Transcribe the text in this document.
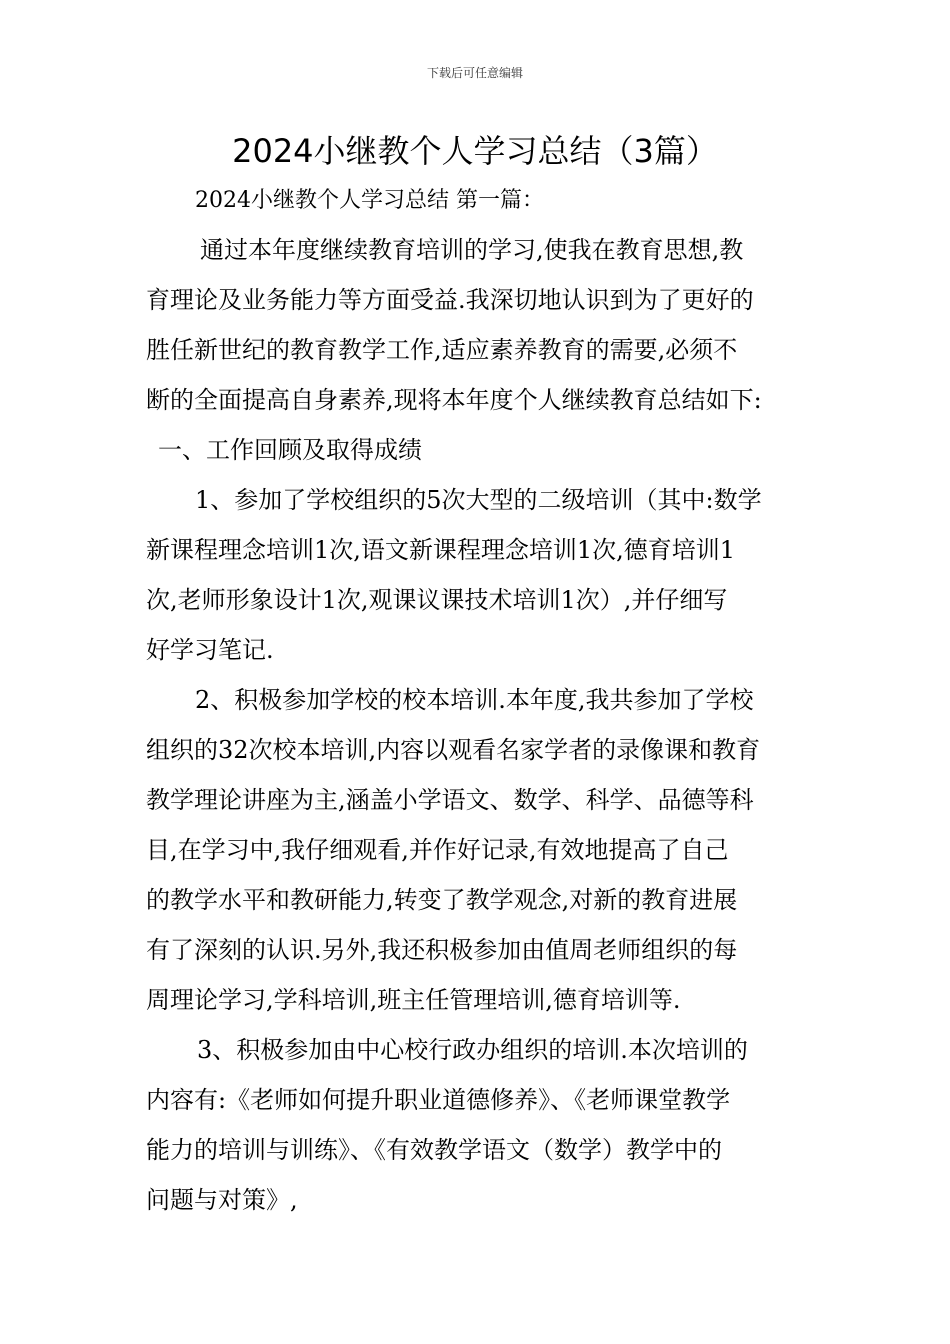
下载后可任意编辑
2024小继教个人学习总结（3篇）
2024小继教个人学习总结 第一篇：
通过本年度继续教育培训的学习,使我在教育思想,教
育理论及业务能力等方面受益.我深切地认识到为了更好的
胜任新世纪的教育教学工作,适应素养教育的需要,必须不
断的全面提高自身素养,现将本年度个人继续教育总结如下:
一、工作回顾及取得成绩
1、参加了学校组织的5次大型的二级培训（其中:数学
新课程理念培训1次,语文新课程理念培训1次,德育培训1
次,老师形象设计1次,观课议课技术培训1次）,并仔细写
好学习笔记.
2、积极参加学校的校本培训.本年度,我共参加了学校
组织的32次校本培训,内容以观看名家学者的录像课和教育
教学理论讲座为主,涵盖小学语文、数学、科学、品德等科
目,在学习中,我仔细观看,并作好记录,有效地提高了自己
的教学水平和教研能力,转变了教学观念,对新的教育进展
有了深刻的认识.另外,我还积极参加由值周老师组织的每
周理论学习,学科培训,班主任管理培训,德育培训等.
3、积极参加由中心校行政办组织的培训.本次培训的
内容有:《老师如何提升职业道德修养》、《老师课堂教学
能力的培训与训练》、《有效教学语文（数学）教学中的
问题与对策》,
